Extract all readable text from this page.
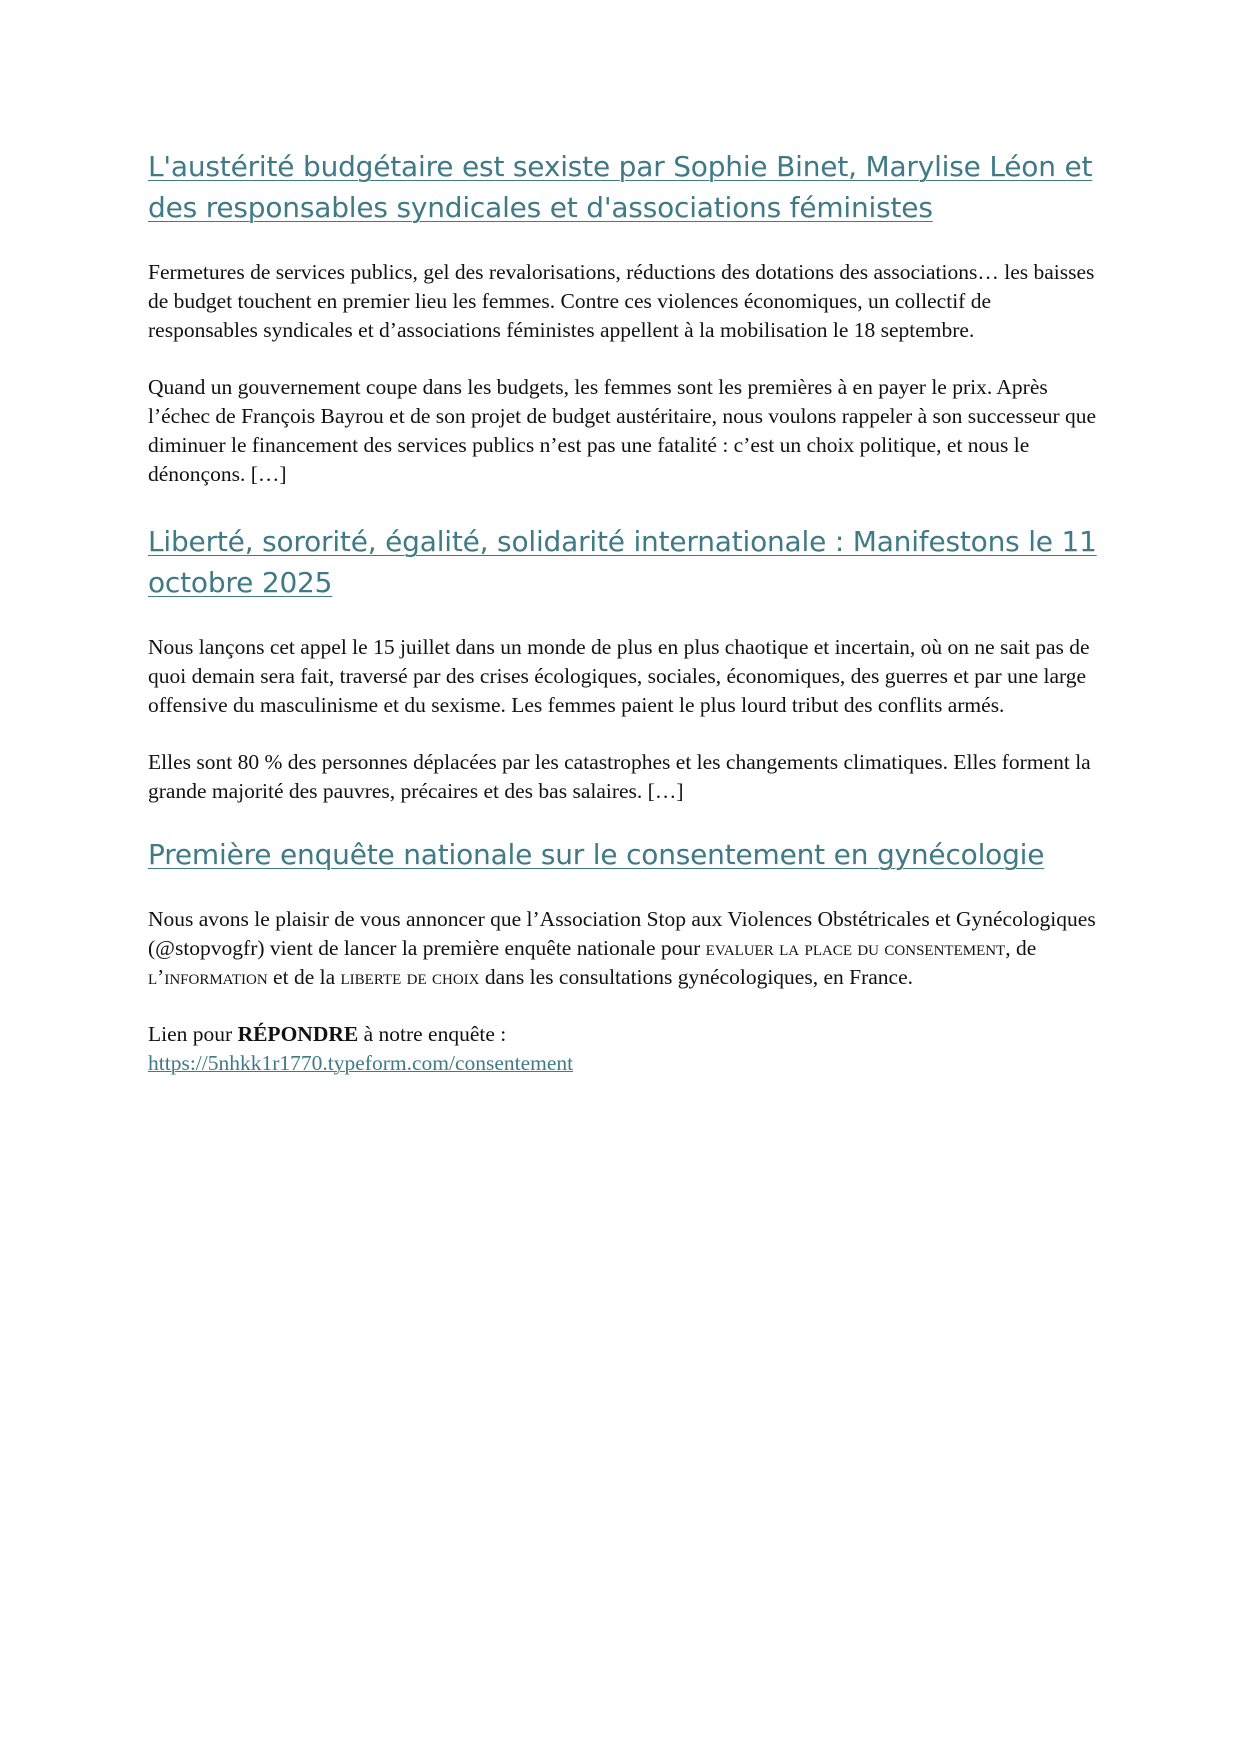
L'austérité budgétaire est sexiste par Sophie Binet, Marylise Léon et des responsables syndicales et d'associations féministes

Fermetures de services publics, gel des revalorisations, réductions des dotations des associations… les baisses de budget touchent en premier lieu les femmes. Contre ces violences économiques, un collectif de responsables syndicales et d’associations féministes appellent à la mobilisation le 18 septembre.

Quand un gouvernement coupe dans les budgets, les femmes sont les premières à en payer le prix. Après l’échec de François Bayrou et de son projet de budget austéritaire, nous voulons rappeler à son successeur que diminuer le financement des services publics n’est pas une fatalité : c’est un choix politique, et nous le dénonçons. […]

Liberté, sororité, égalité, solidarité internationale : Manifestons le 11 octobre 2025

Nous lançons cet appel le 15 juillet dans un monde de plus en plus chaotique et incertain, où on ne sait pas de quoi demain sera fait, traversé par des crises écologiques, sociales, économiques, des guerres et par une large offensive du masculinisme et du sexisme. Les femmes paient le plus lourd tribut des conflits armés.

Elles sont 80 % des personnes déplacées par les catastrophes et les changements climatiques. Elles forment la grande majorité des pauvres, précaires et des bas salaires. […]

Première enquête nationale sur le consentement en gynécologie

Nous avons le plaisir de vous annoncer que l’Association Stop aux Violences Obstétricales et Gynécologiques (@stopvogfr) vient de lancer la première enquête nationale pour evaluer la place du consentement, de l’information et de la liberte de choix dans les consultations gynécologiques, en France.

Lien pour RÉPONDRE à notre enquête :
https://5nhkk1r1770.typeform.com/consentement
